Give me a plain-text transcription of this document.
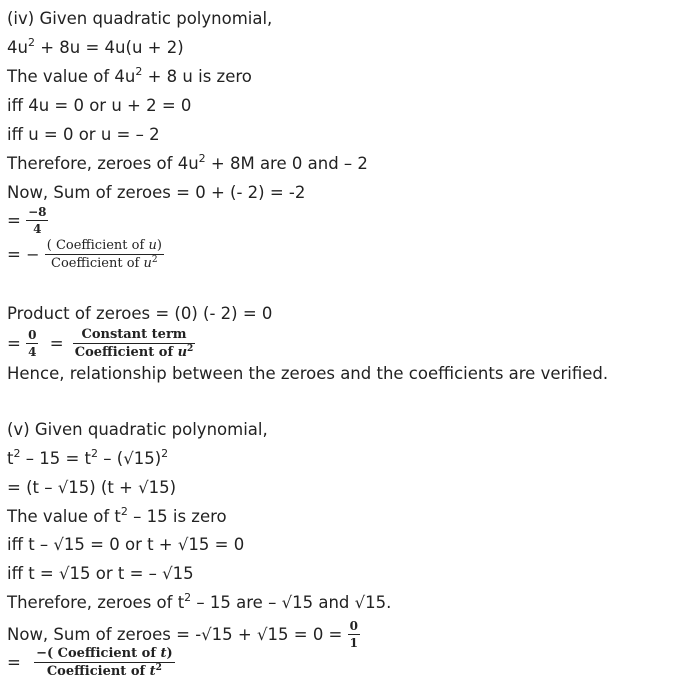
(iv) Given quadratic polynomial,
$4u^2 + 8u = 4u(u + 2)$
The value of $4u^2 + 8$ u is zero
iff 4u = 0 or u + 2 = 0
iff u = 0 or u = – 2
Therefore, zeroes of $4u^2 + 8M$ are 0 and – 2
Now, Sum of zeroes = 0 + (- 2) = -2
= $\frac{-8}{4}$
= − $\frac{\text{( Coefficient of u)}}{Coefficient of u^2}$
Product of zeroes = (0) (- 2) = 0
= $\frac{0}{4} = \frac{\text{Constant term}}{Coefficient of u^2}$
Hence, relationship between the zeroes and the coefficients are verified.
(v) Given quadratic polynomial,
$t^2 - 15 = t^2 - (√15)^2$
= (t – √15) (t + √15)
The value of $t^2 - 15$ is zero
iff t – √15 = 0 or t + √15 = 0
iff t = √15 or t = – √15
Therefore, zeroes of $t^2 - 15$ are – √15 and √15.
Now, Sum of zeroes = $-√15 + √15 = 0 = \frac{0}{1}$
= $\frac{\text{−( Coefficient of t)}}{Coefficient of t^2}$
